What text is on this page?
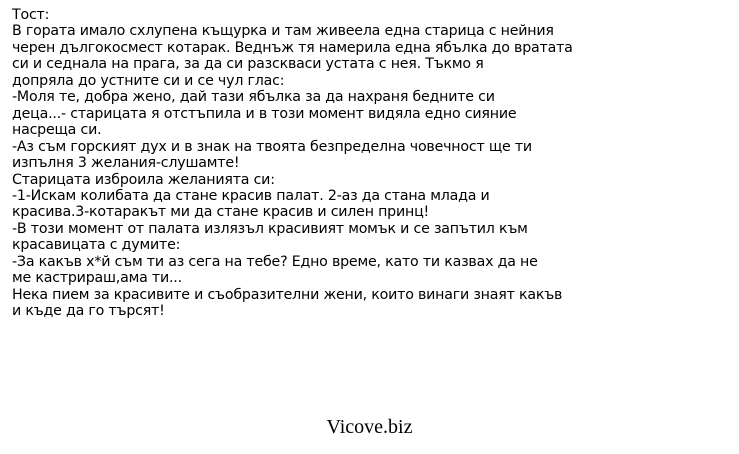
Тост:
В гората имало схлупена къщурка и там живеела една старица с нейния
черен дългокосмест котарак. Веднъж тя намерила една ябълка до вратата
си и седнала на прага, за да си разскваси устата с нея. Тъкмо я
допряла до устните си и се чул глас:
-Моля те, добра жено, дай тази ябълка за да нахраня бедните си
деца...- старицата я отстъпила и в този момент видяла едно сияние
насреща си.
-Аз съм горският дух и в знак на твоята безпределна човечност ще ти
изпълня 3 желания-слушамте!
Старицата изброила желанията си:
-1-Искам колибата да стане красив палат. 2-аз да стана млада и
красива.3-котаракът ми да стане красив и силен принц!
-В този момент от палата излязъл красивият момък и се запътил към
красавицата с думите:
-За какъв х*й съм ти аз сега на тебе? Едно време, като ти казвах да не
ме кастрираш,ама ти...
Нека пием за красивите и съобразителни жени, които винаги знаят какъв
и къде да го търсят!
Vicove.biz
